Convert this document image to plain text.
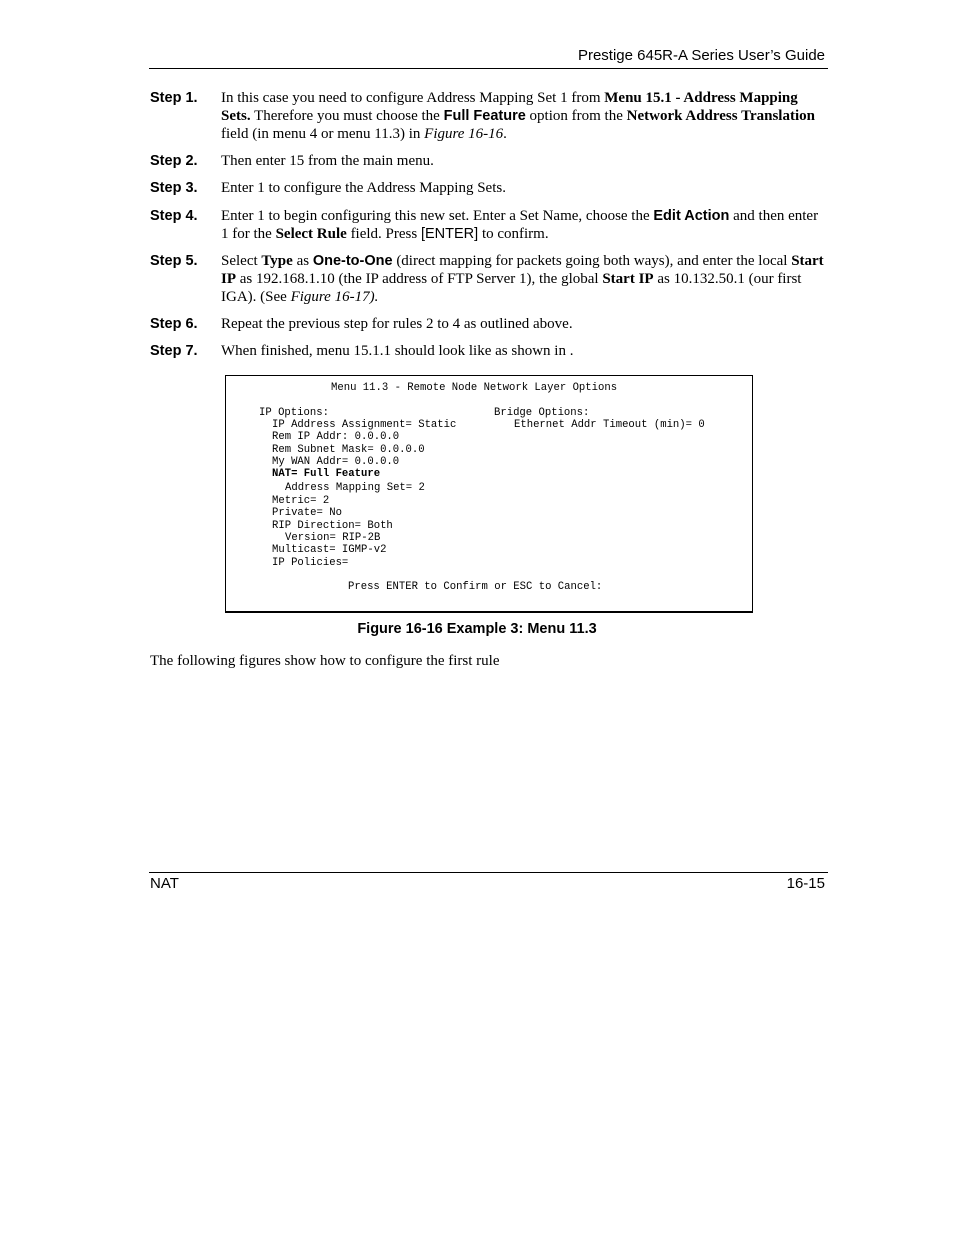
Prestige 645R-A Series User’s Guide
Step 1. In this case you need to configure Address Mapping Set 1 from Menu 15.1 - Address Mapping Sets. Therefore you must choose the Full Feature option from the Network Address Translation field (in menu 4 or menu 11.3) in Figure 16-16.
Step 2. Then enter 15 from the main menu.
Step 3. Enter 1 to configure the Address Mapping Sets.
Step 4. Enter 1 to begin configuring this new set. Enter a Set Name, choose the Edit Action and then enter 1 for the Select Rule field. Press [ENTER] to confirm.
Step 5. Select Type as One-to-One (direct mapping for packets going both ways), and enter the local Start IP as 192.168.1.10 (the IP address of FTP Server 1), the global Start IP as 10.132.50.1 (our first IGA). (See Figure 16-17).
Step 6. Repeat the previous step for rules 2 to 4 as outlined above.
Step 7. When finished, menu 15.1.1 should look like as shown in .
Menu 11.3 - Remote Node Network Layer Options
IP Options:	Bridge Options:
IP Address Assignment= Static	Ethernet Addr Timeout (min)= 0
Rem IP Addr: 0.0.0.0
Rem Subnet Mask= 0.0.0.0
My WAN Addr= 0.0.0.0
NAT= Full Feature
Address Mapping Set= 2
Metric= 2
Private= No
RIP Direction= Both
Version= RIP-2B
Multicast= IGMP-v2
IP Policies=
Press ENTER to Confirm or ESC to Cancel:
Figure 16-16 Example 3: Menu 11.3
The following figures show how to configure the first rule
NAT	16-15
